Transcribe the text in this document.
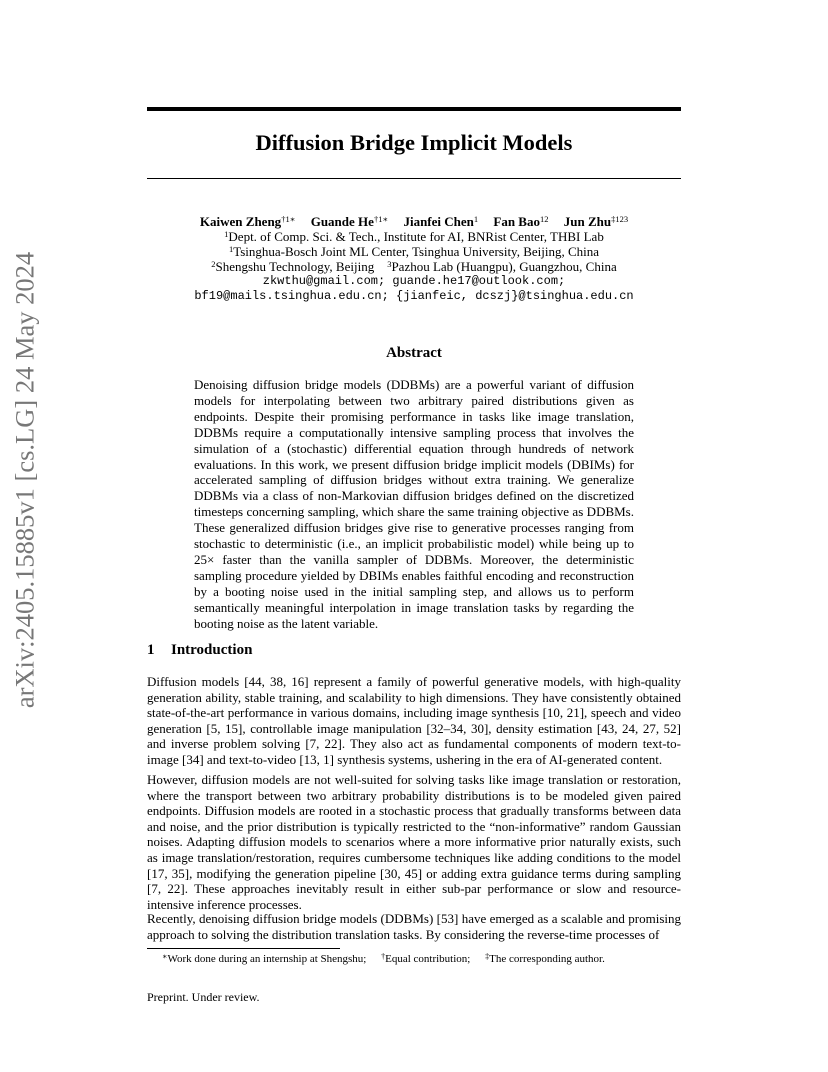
arXiv:2405.15885v1 [cs.LG] 24 May 2024
Diffusion Bridge Implicit Models
Kaiwen Zheng$^{\dagger 1∗}$ Guande $He^{\dagger 1∗}$ Jianfei Chen$^1$ Fan Bao$^{12}$ Jun Zhu$^{\ddagger 123}$
$^1$Dept. of Comp. Sci. & Tech., Institute for AI, BNRist Center, THBI Lab
$^1$Tsinghua-Bosch Joint ML Center, Tsinghua University, Beijing, China
$^2$Shengshu Technology, Beijing $^3$Pazhou Lab (Huangpu), Guangzhou, China
zkwthu@gmail.com; guande.he17@outlook.com;
bf19@mails.tsinghua.edu.cn; {jianfeic, dcszj}@tsinghua.edu.cn
Abstract
Denoising diffusion bridge models (DDBMs) are a powerful variant of diffusion models for interpolating between two arbitrary paired distributions given as endpoints. Despite their promising performance in tasks like image translation, DDBMs require a computationally intensive sampling process that involves the simulation of a (stochastic) differential equation through hundreds of network evaluations. In this work, we present diffusion bridge implicit models (DBIMs) for accelerated sampling of diffusion bridges without extra training. We generalize DDBMs via a class of non-Markovian diffusion bridges defined on the discretized timesteps concerning sampling, which share the same training objective as DDBMs. These generalized diffusion bridges give rise to generative processes ranging from stochastic to deterministic (i.e., an implicit probabilistic model) while being up to 25× faster than the vanilla sampler of DDBMs. Moreover, the deterministic sampling procedure yielded by DBIMs enables faithful encoding and reconstruction by a booting noise used in the initial sampling step, and allows us to perform semantically meaningful interpolation in image translation tasks by regarding the booting noise as the latent variable.
1 Introduction
Diffusion models [44, 38, 16] represent a family of powerful generative models, with high-quality generation ability, stable training, and scalability to high dimensions. They have consistently obtained state-of-the-art performance in various domains, including image synthesis [10, 21], speech and video generation [5, 15], controllable image manipulation [32–34, 30], density estimation [43, 24, 27, 52] and inverse problem solving [7, 22]. They also act as fundamental components of modern text-to-image [34] and text-to-video [13, 1] synthesis systems, ushering in the era of AI-generated content.
However, diffusion models are not well-suited for solving tasks like image translation or restoration, where the transport between two arbitrary probability distributions is to be modeled given paired endpoints. Diffusion models are rooted in a stochastic process that gradually transforms between data and noise, and the prior distribution is typically restricted to the “non-informative” random Gaussian noises. Adapting diffusion models to scenarios where a more informative prior naturally exists, such as image translation/restoration, requires cumbersome techniques like adding conditions to the model [17, 35], modifying the generation pipeline [30, 45] or adding extra guidance terms during sampling [7, 22]. These approaches inevitably result in either sub-par performance or slow and resource-intensive inference processes.
Recently, denoising diffusion bridge models (DDBMs) [53] have emerged as a scalable and promising approach to solving the distribution translation tasks. By considering the reverse-time processes of
∗Work done during an internship at Shengshu; †Equal contribution; ‡The corresponding author.
Preprint. Under review.
